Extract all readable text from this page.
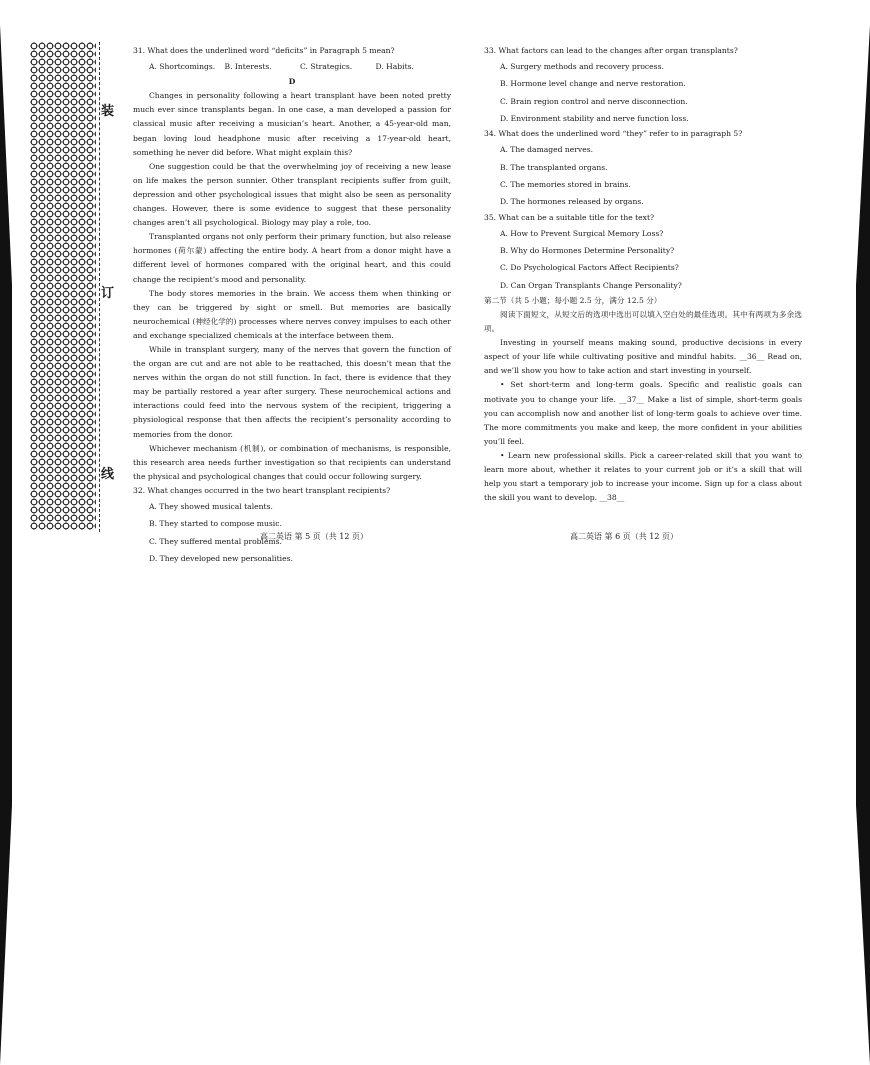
装
订
线

31. What does the underlined word “deficits” in Paragraph 5 mean?

A. Shortcomings.	B. Interests.	C. Strategics.	D. Habits.

D

Changes in personality following a heart transplant have been noted pretty much ever since transplants began. In one case, a man developed a passion for classical music after receiving a musician’s heart. Another, a 45-year-old man, began loving loud headphone music after receiving a 17-year-old heart, something he never did before. What might explain this?

One suggestion could be that the overwhelming joy of receiving a new lease on life makes the person sunnier. Other transplant recipients suffer from guilt, depression and other psychological issues that might also be seen as personality changes. However, there is some evidence to suggest that these personality changes aren’t all psychological. Biology may play a role, too.

Transplanted organs not only perform their primary function, but also release hormones (荷尔蒙) affecting the entire body. A heart from a donor might have a different level of hormones compared with the original heart, and this could change the recipient’s mood and personality.

The body stores memories in the brain. We access them when thinking or they can be triggered by sight or smell. But memories are basically neurochemical (神经化学的) processes where nerves convey impulses to each other and exchange specialized chemicals at the interface between them.

While in transplant surgery, many of the nerves that govern the function of the organ are cut and are not able to be reattached, this doesn’t mean that the nerves within the organ do not still function. In fact, there is evidence that they may be partially restored a year after surgery. These neurochemical actions and interactions could feed into the nervous system of the recipient, triggering a physiological response that then affects the recipient’s personality according to memories from the donor.

Whichever mechanism (机制), or combination of mechanisms, is responsible, this research area needs further investigation so that recipients can understand the physical and psychological changes that could occur following surgery.

32. What changes occurred in the two heart transplant recipients?

A. They showed musical talents.

B. They started to compose music.

C. They suffered mental problems.

D. They developed new personalities.

33. What factors can lead to the changes after organ transplants?

A. Surgery methods and recovery process.

B. Hormone level change and nerve restoration.

C. Brain region control and nerve disconnection.

D. Environment stability and nerve function loss.

34. What does the underlined word “they” refer to in paragraph 5?

A. The damaged nerves.

B. The transplanted organs.

C. The memories stored in brains.

D. The hormones released by organs.

35. What can be a suitable title for the text?

A. How to Prevent Surgical Memory Loss?

B. Why do Hormones Determine Personality?

C. Do Psychological Factors Affect Recipients?

D. Can Organ Transplants Change Personality?

第二节（共 5 小题；每小题 2.5 分，满分 12.5 分）

阅读下面短文，从短文后的选项中选出可以填入空白处的最佳选项。其中有两项为多余选项。

Investing in yourself means making sound, productive decisions in every aspect of your life while cultivating positive and mindful habits. __36__ Read on, and we’ll show you how to take action and start investing in yourself.

• Set short-term and long-term goals. Specific and realistic goals can motivate you to change your life. __37__ Make a list of simple, short-term goals you can accomplish now and another list of long-term goals to achieve over time. The more commitments you make and keep, the more confident in your abilities you’ll feel.

• Learn new professional skills. Pick a career-related skill that you want to learn more about, whether it relates to your current job or it’s a skill that will help you start a temporary job to increase your income. Sign up for a class about the skill you want to develop. __38__

高二英语 第 5 页（共 12 页）	高二英语 第 6 页（共 12 页）
